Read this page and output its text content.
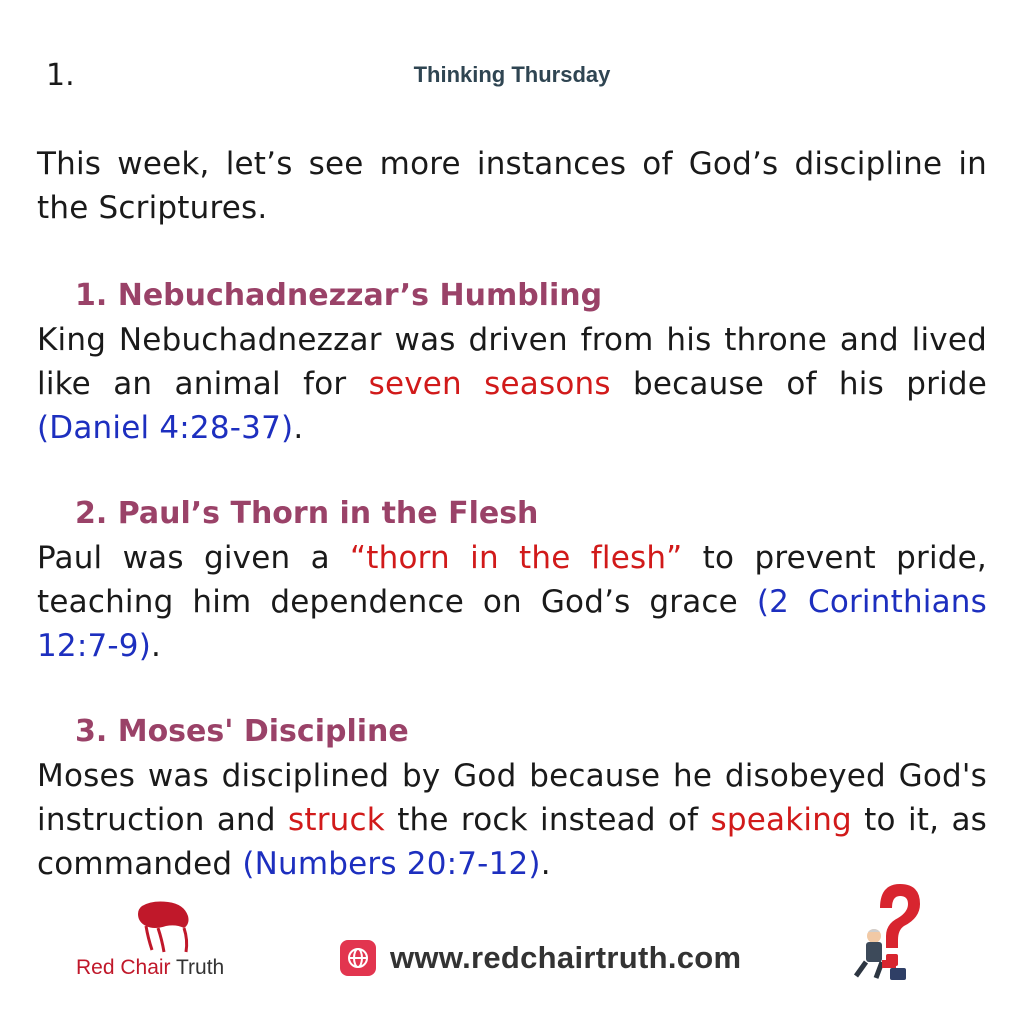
1.	Thinking Thursday

This week, let’s see more instances of God’s discipline in the Scriptures.

1. Nebuchadnezzar’s Humbling

King Nebuchadnezzar was driven from his throne and lived like an animal for seven seasons because of his pride (Daniel 4:28-37).

2. Paul’s Thorn in the Flesh

Paul was given a “thorn in the flesh” to prevent pride, teaching him dependence on God’s grace (2 Corinthians 12:7-9).

3. Moses' Discipline

Moses was disciplined by God because he disobeyed God's instruction and struck the rock instead of speaking to it, as commanded (Numbers 20:7-12).

Red Chair Truth	www.redchairtruth.com
